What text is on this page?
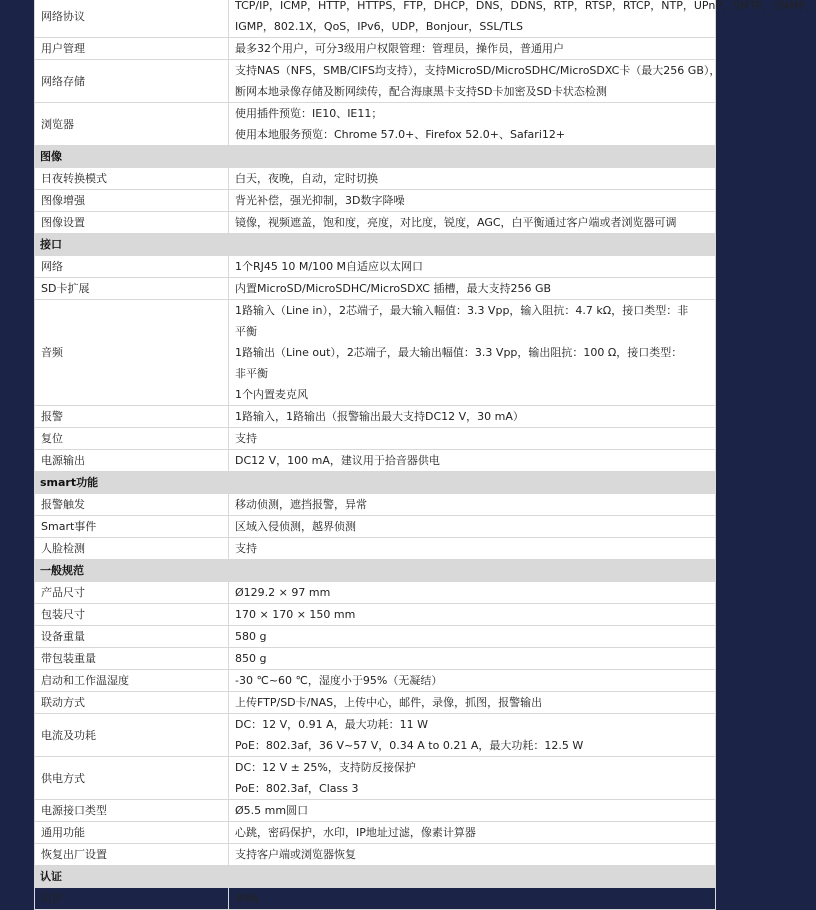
网络协议	TCP/IP，ICMP，HTTP，HTTPS，FTP，DHCP，DNS，DDNS，RTP，RTSP，RTCP，NTP，UPnP，SMTP，SNMP，
IGMP，802.1X，QoS，IPv6，UDP，Bonjour，SSL/TLS

用户管理	最多32个用户，可分3级用户权限管理：管理员，操作员，普通用户

网络存储	支持NAS（NFS，SMB/CIFS均支持），支持MicroSD/MicroSDHC/MicroSDXC卡（最大256 GB），
断网本地录像存储及断网续传，配合海康黑卡支持SD卡加密及SD卡状态检测

浏览器	使用插件预览：IE10、IE11；
使用本地服务预览：Chrome 57.0+、Firefox 52.0+、Safari12+

图像	
日夜转换模式	白天，夜晚，自动，定时切换

图像增强	背光补偿，强光抑制，3D数字降噪

图像设置	镜像，视频遮盖，饱和度，亮度，对比度，锐度，AGC，白平衡通过客户端或者浏览器可调

接口	
网络	1个RJ45 10 M/100 M自适应以太网口

SD卡扩展	内置MicroSD/MicroSDHC/MicroSDXC 插槽，最大支持256 GB

音频	1路输入（Line in），2芯端子，最大输入幅值：3.3 Vpp，输入阻抗：4.7 kΩ，接口类型：非
平衡
1路输出（Line out），2芯端子，最大输出幅值：3.3 Vpp，输出阻抗：100 Ω，接口类型：
非平衡
1个内置麦克风

报警	1路输入，1路输出（报警输出最大支持DC12 V，30 mA）

复位	支持

电源输出	DC12 V，100 mA，建议用于拾音器供电

smart功能	
报警触发	移动侦测，遮挡报警，异常

Smart事件	区域入侵侦测，越界侦测

人脸检测	支持

一般规范	
产品尺寸	Ø129.2 × 97 mm

包装尺寸	170 × 170 × 150 mm

设备重量	580 g

带包装重量	850 g

启动和工作温湿度	-30 ℃~60 ℃，湿度小于95%（无凝结）

联动方式	上传FTP/SD卡/NAS，上传中心，邮件，录像，抓图，报警输出

电流及功耗	DC：12 V，0.91 A，最大功耗：11 W
PoE：802.3af，36 V~57 V，0.34 A to 0.21 A，最大功耗：12.5 W

供电方式	DC：12 V ± 25%，支持防反接保护
PoE：802.3af，Class 3

电源接口类型	Ø5.5 mm圆口

通用功能	心跳，密码保护，水印，IP地址过滤，像素计算器

恢复出厂设置	支持客户端或浏览器恢复

认证	
防护	IP66
